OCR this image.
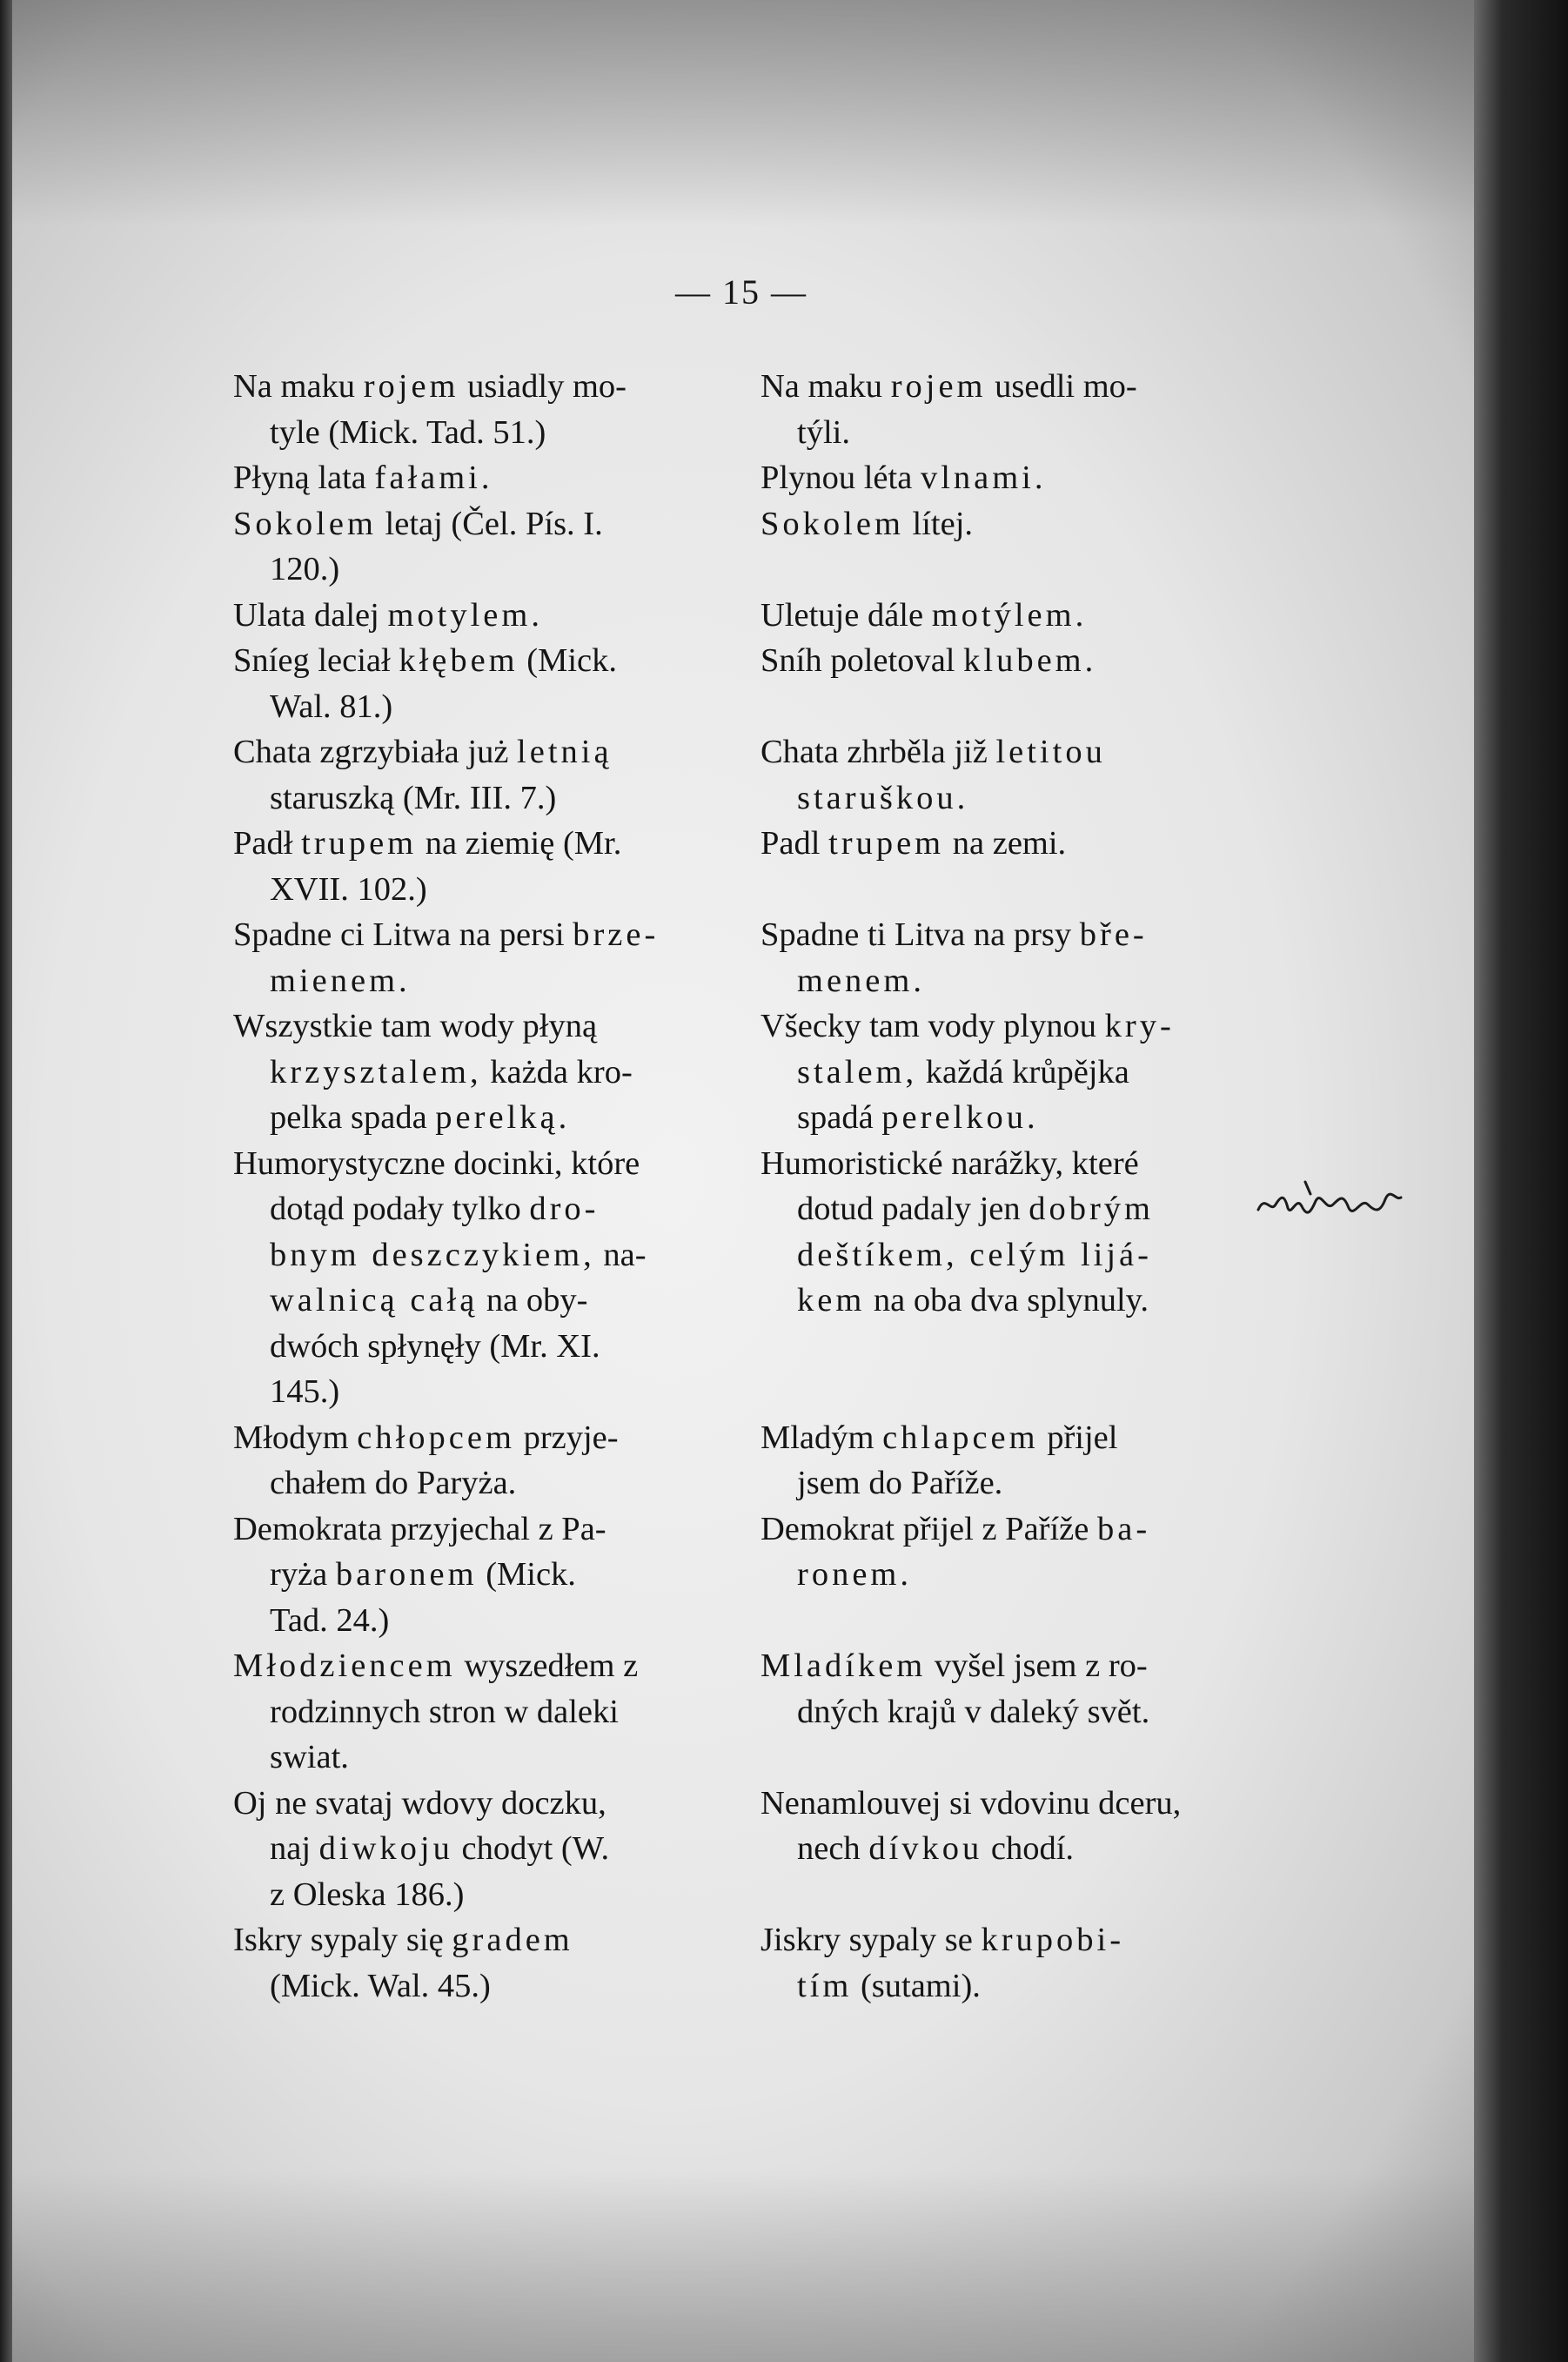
— 15 —
Na maku rojem usiadly mo-
tyle (Mick. Tad. 51.)
Płyną lata fałami.
Sokolem letaj (Čel. Pís. I.
120.)
Ulata dalej motylem.
Sníeg leciał kłębem (Mick.
Wal. 81.)
Chata zgrzybiała już letnią
staruszką (Mr. III. 7.)
Padł trupem na ziemię (Mr.
XVII. 102.)
Spadne ci Litwa na persi brze-
mienem.
Wszystkie tam wody płyną
krzysztalem, każda kro-
pelka spada perelką.
Humorystyczne docinki, które
dotąd podały tylko dro-
bnym deszczykiem, na-
walnicą całą na oby-
dwóch spłynęły (Mr. XI.
145.)
Młodym chłopcem przyje-
chałem do Paryża.
Demokrata przyjechal z Pa-
ryża baronem (Mick.
Tad. 24.)
Młodziencem wyszedłem z
rodzinnych stron w daleki
swiat.
Oj ne svataj wdovy doczku,
naj diwkoju chodyt (W.
z Oleska 186.)
Iskry sypaly się gradem
(Mick. Wal. 45.)
Na maku rojem usedli mo-
týli.
Plynou léta vlnami.
Sokolem lítej.
Uletuje dále motýlem.
Sníh poletoval klubem.
Chata zhrběla již letitou
staruškou.
Padl trupem na zemi.
Spadne ti Litva na prsy bře-
menem.
Všecky tam vody plynou kry-
stalem, každá krůpějka
spadá perelkou.
Humoristické narážky, které
dotud padaly jen dobrým
deštíkem, celým lijá-
kem na oba dva splynuly.
Mladým chlapcem přijel
jsem do Paříže.
Demokrat přijel z Paříže ba-
ronem.
Mladíkem vyšel jsem z ro-
dných krajů v daleký svět.
Nenamlouvej si vdovinu dceru,
nech dívkou chodí.
Jiskry sypaly se krupobi-
tím (sutami).
